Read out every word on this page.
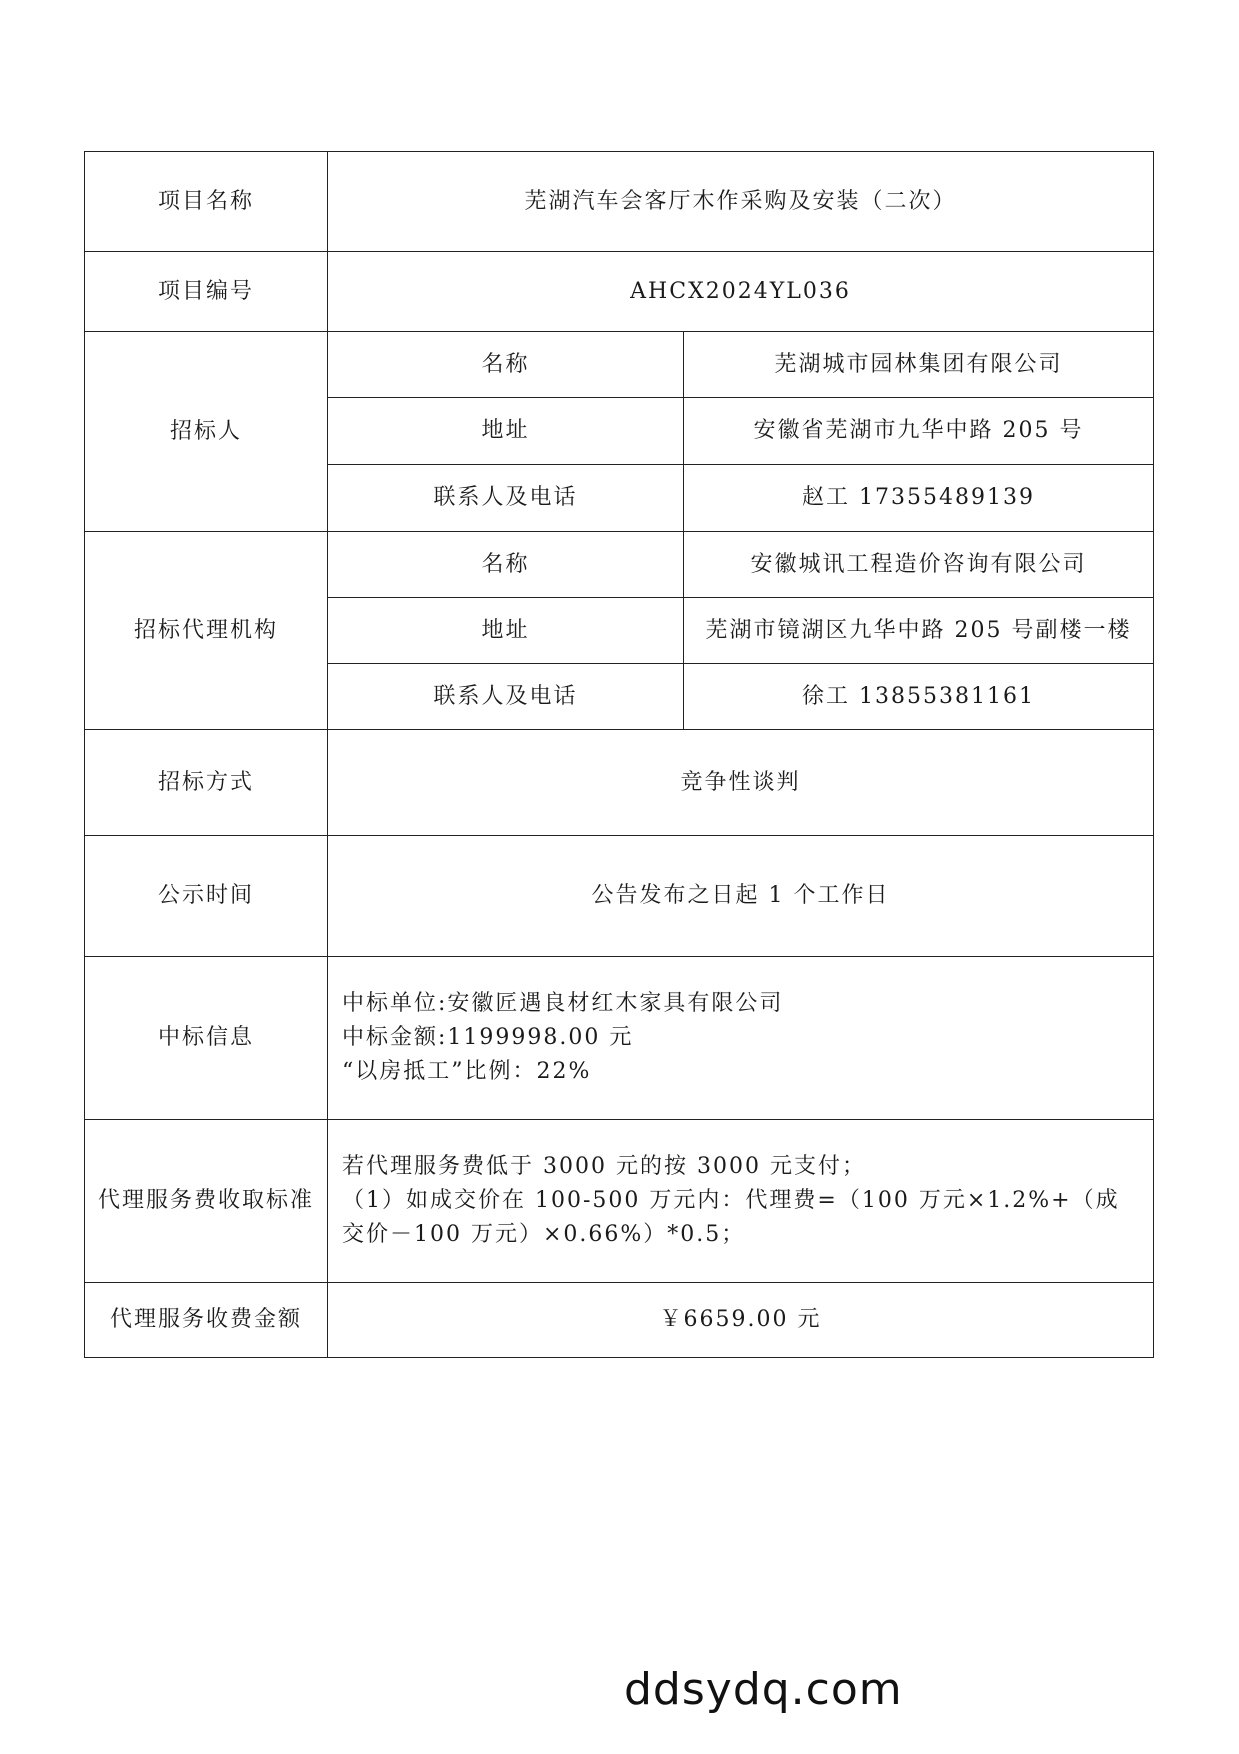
项目名称	芜湖汽车会客厅木作采购及安装（二次）	
项目编号	AHCX2024YL036	
招标人	名称	芜湖城市园林集团有限公司
	地址	安徽省芜湖市九华中路 205 号
	联系人及电话	赵工 17355489139
招标代理机构	名称	安徽城讯工程造价咨询有限公司
	地址	芜湖市镜湖区九华中路 205 号副楼一楼
	联系人及电话	徐工 13855381161
招标方式	竞争性谈判	
公示时间	公告发布之日起 1 个工作日	
中标信息	中标单位:安徽匠遇良材红木家具有限公司
中标金额:1199998.00 元
“以房抵工”比例：22%	

代理服务费收取标准	若代理服务费低于 3000 元的按 3000 元支付；
（1）如成交价在 100-500 万元内：代理费=（100 万元×1.2%+（成交价－100 万元）×0.66%）*0.5；	

代理服务收费金额	￥6659.00 元	
ddsydq.com
